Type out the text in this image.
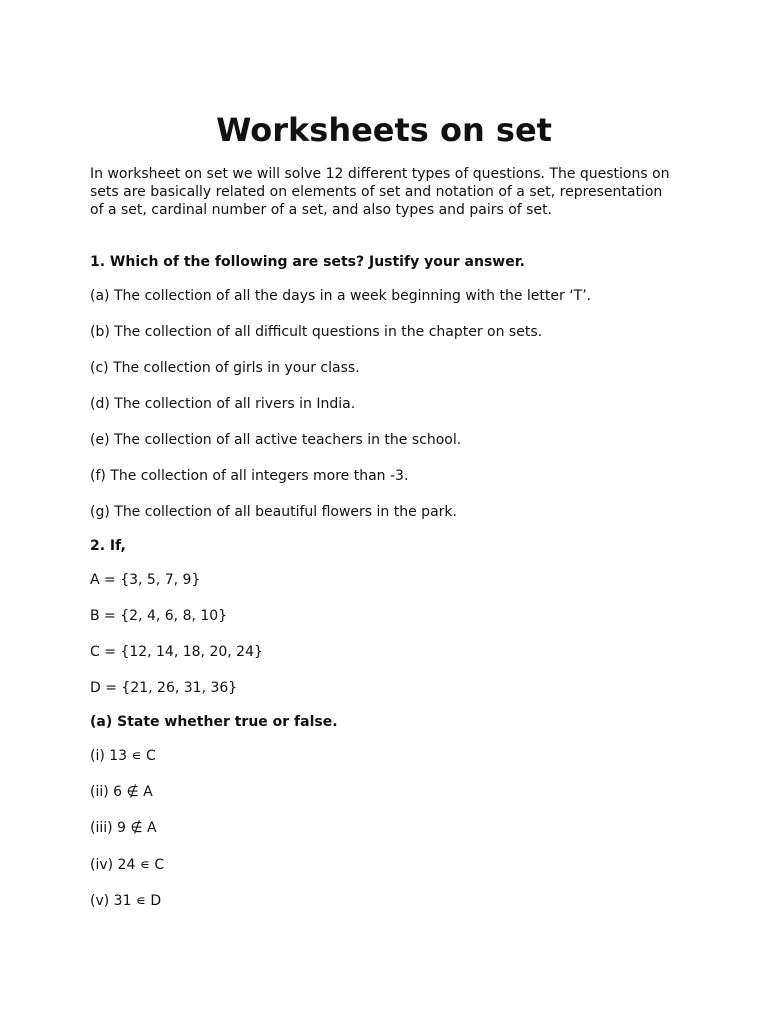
Worksheets on set

In worksheet on set we will solve 12 different types of questions. The questions on sets are basically related on elements of set and notation of a set, representation of a set, cardinal number of a set, and also types and pairs of set.

1. Which of the following are sets? Justify your answer.

(a) The collection of all the days in a week beginning with the letter ‘T’.

(b) The collection of all difficult questions in the chapter on sets.

(c) The collection of girls in your class.

(d) The collection of all rivers in India.

(e) The collection of all active teachers in the school.

(f) The collection of all integers more than -3.

(g) The collection of all beautiful flowers in the park.

2. If,

A = {3, 5, 7, 9}

B = {2, 4, 6, 8, 10}

C = {12, 14, 18, 20, 24}

D = {21, 26, 31, 36}

(a) State whether true or false.

(i) 13 ∊ C

(ii) 6 ∉ A

(iii) 9 ∉ A

(iv) 24 ∊ C

(v) 31 ∊ D
